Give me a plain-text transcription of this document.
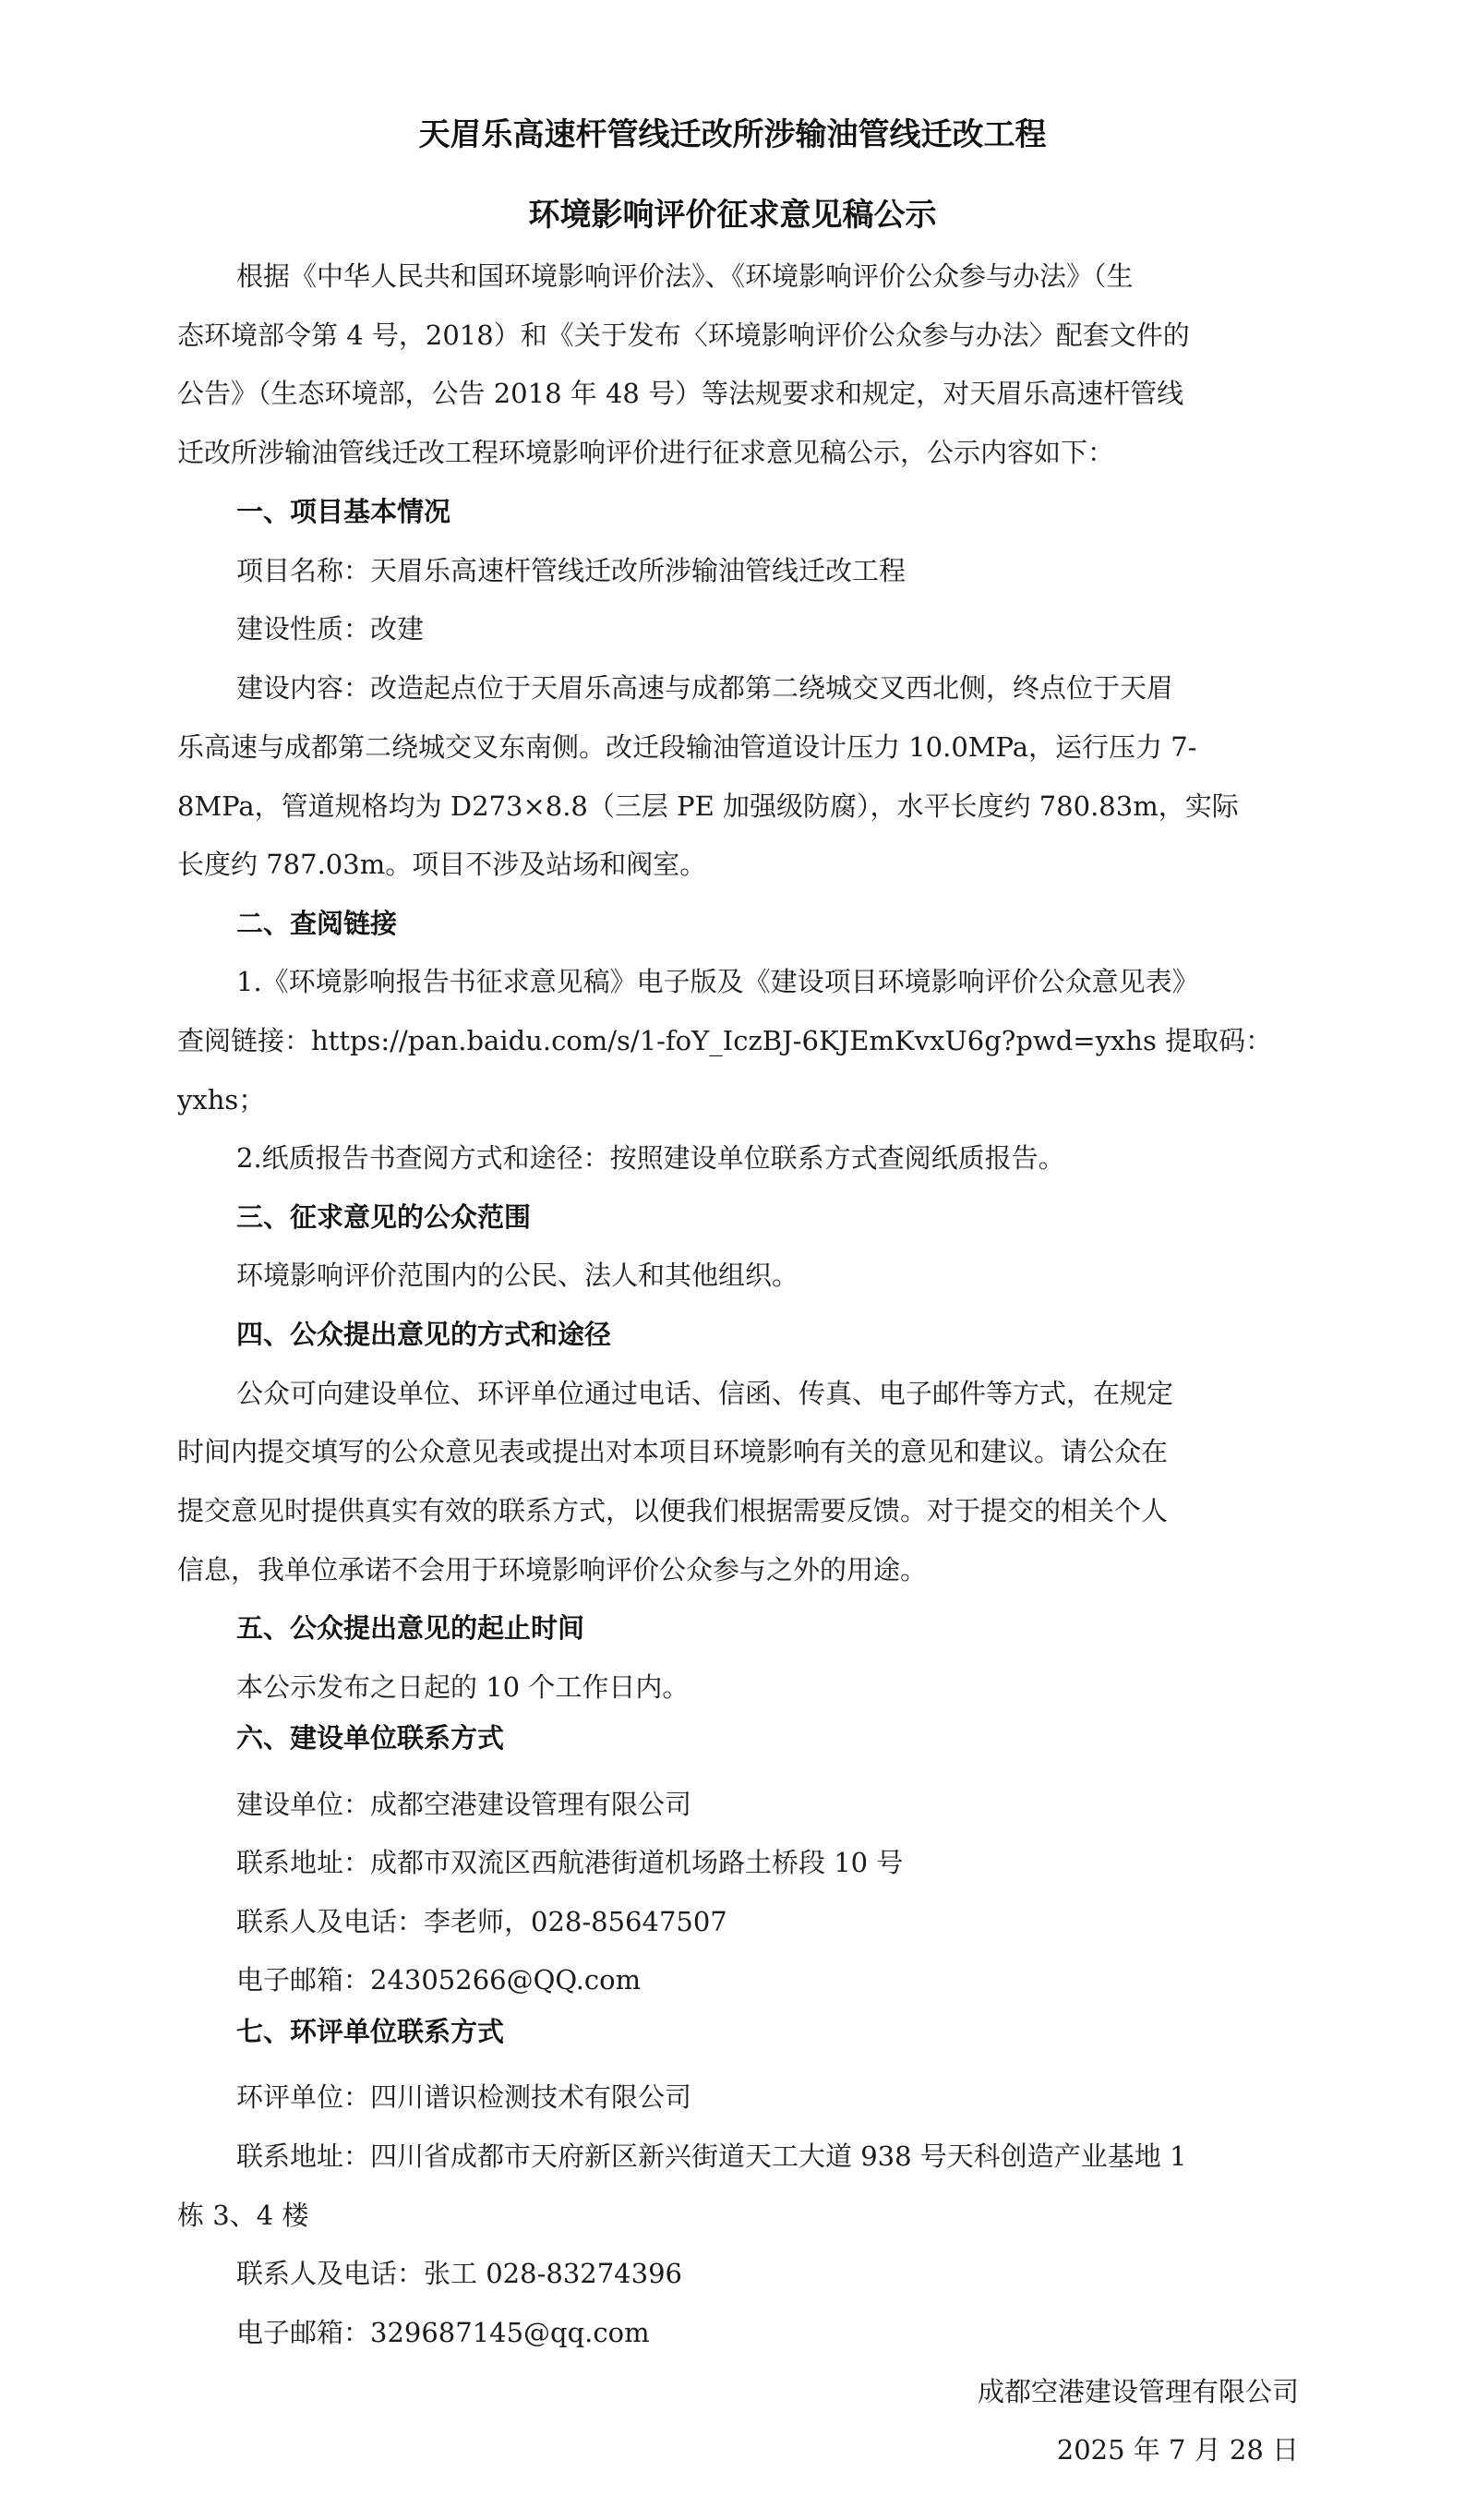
天眉乐高速杆管线迁改所涉输油管线迁改工程
环境影响评价征求意见稿公示
根据《中华人民共和国环境影响评价法》、《环境影响评价公众参与办法》（生
态环境部令第 4 号，2018）和《关于发布〈环境影响评价公众参与办法〉配套文件的
公告》（生态环境部，公告 2018 年 48 号）等法规要求和规定，对天眉乐高速杆管线
迁改所涉输油管线迁改工程环境影响评价进行征求意见稿公示，公示内容如下：
一、项目基本情况
项目名称：天眉乐高速杆管线迁改所涉输油管线迁改工程
建设性质：改建
建设内容：改造起点位于天眉乐高速与成都第二绕城交叉西北侧，终点位于天眉
乐高速与成都第二绕城交叉东南侧。改迁段输油管道设计压力 10.0MPa，运行压力 7-
8MPa，管道规格均为 D273×8.8（三层 PE 加强级防腐），水平长度约 780.83m，实际
长度约 787.03m。项目不涉及站场和阀室。
二、查阅链接
1.《环境影响报告书征求意见稿》电子版及《建设项目环境影响评价公众意见表》
查阅链接：https://pan.baidu.com/s/1-foY_IczBJ-6KJEmKvxU6g?pwd=yxhs 提取码：
yxhs；
2.纸质报告书查阅方式和途径：按照建设单位联系方式查阅纸质报告。
三、征求意见的公众范围
环境影响评价范围内的公民、法人和其他组织。
四、公众提出意见的方式和途径
公众可向建设单位、环评单位通过电话、信函、传真、电子邮件等方式，在规定
时间内提交填写的公众意见表或提出对本项目环境影响有关的意见和建议。请公众在
提交意见时提供真实有效的联系方式，以便我们根据需要反馈。对于提交的相关个人
信息，我单位承诺不会用于环境影响评价公众参与之外的用途。
五、公众提出意见的起止时间
本公示发布之日起的 10 个工作日内。
六、建设单位联系方式
建设单位：成都空港建设管理有限公司
联系地址：成都市双流区西航港街道机场路土桥段 10 号
联系人及电话：李老师，028-85647507
电子邮箱：24305266@QQ.com
七、环评单位联系方式
环评单位：四川谱识检测技术有限公司
联系地址：四川省成都市天府新区新兴街道天工大道 938 号天科创造产业基地 1
栋 3、4 楼
联系人及电话：张工 028-83274396
电子邮箱：329687145@qq.com
成都空港建设管理有限公司
2025 年 7 月 28 日
